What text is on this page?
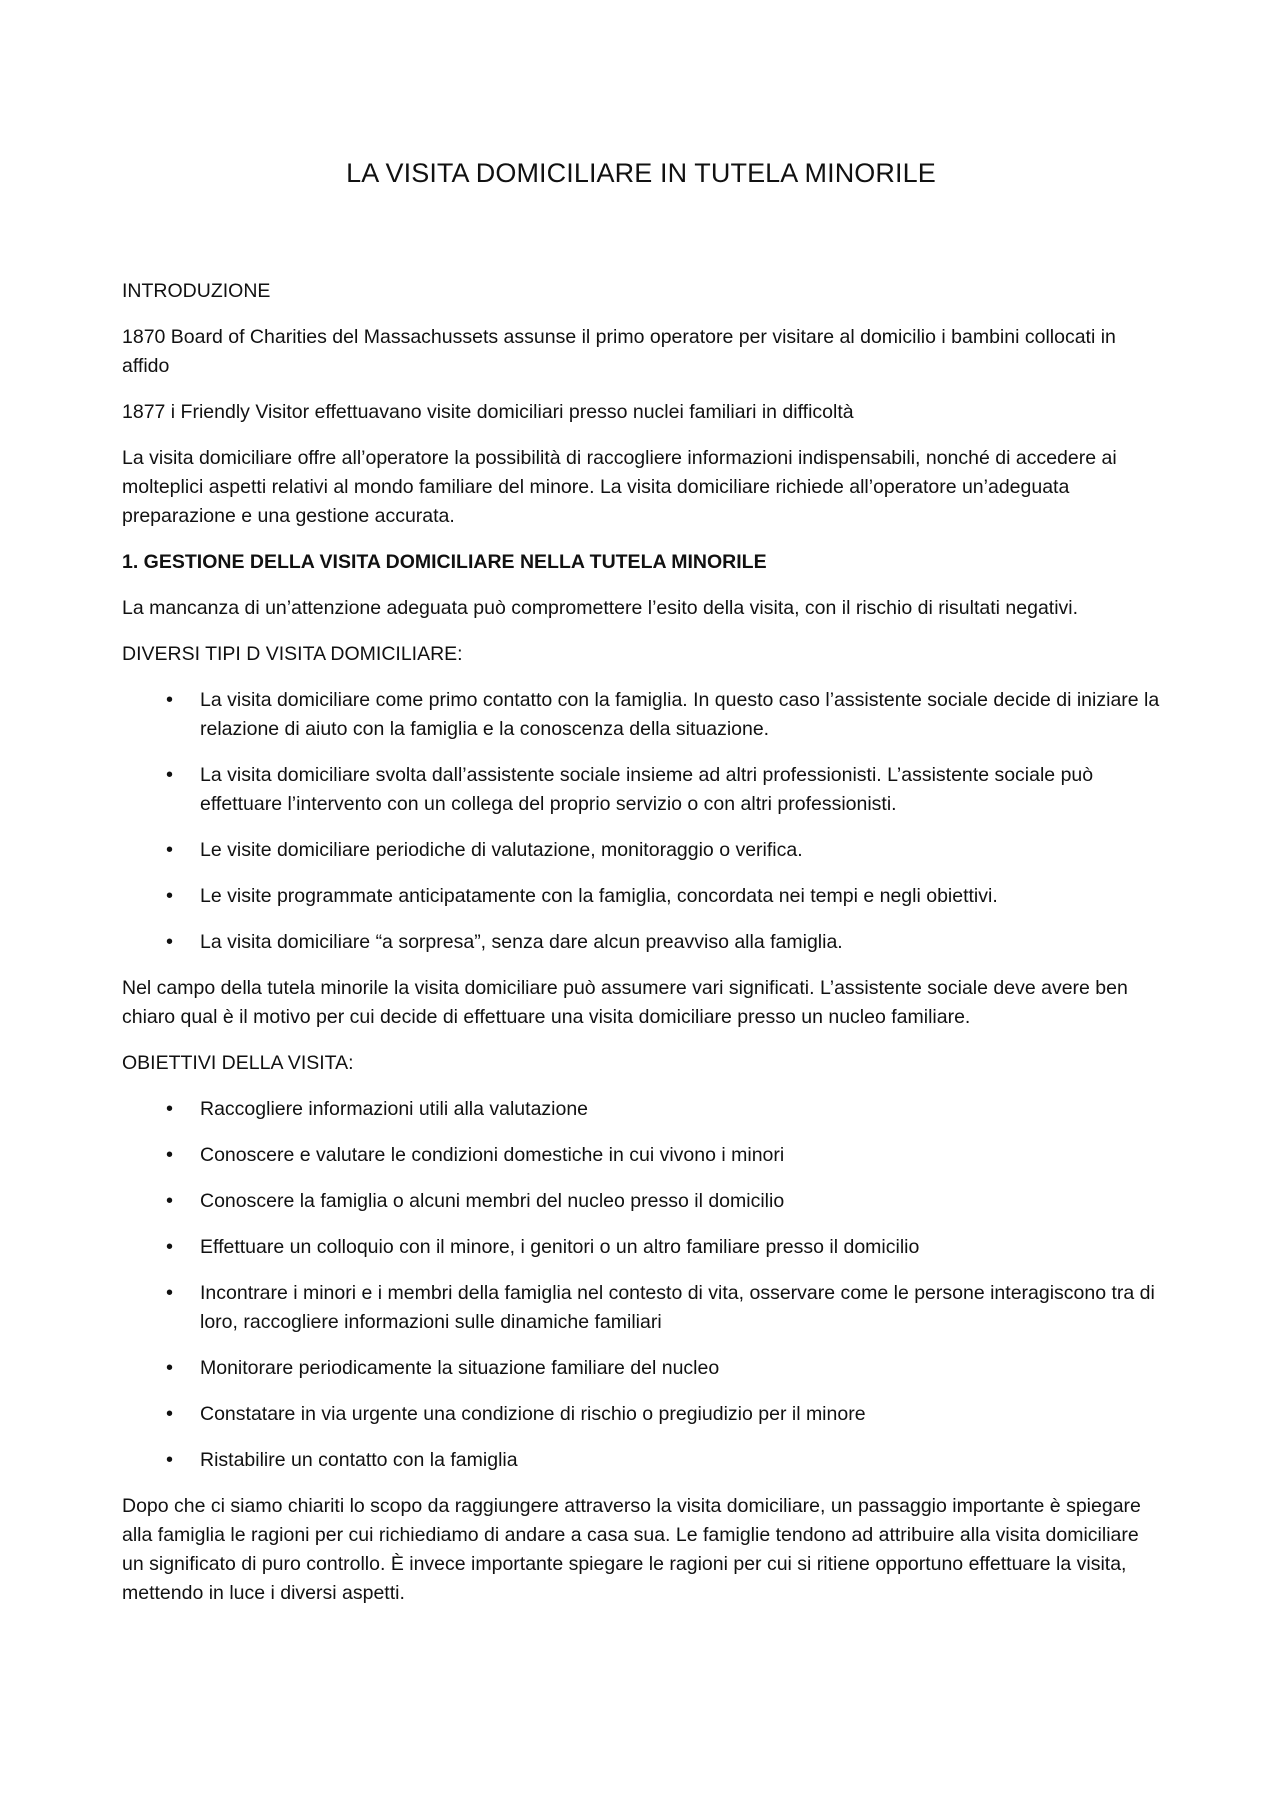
LA VISITA DOMICILIARE IN TUTELA MINORILE

INTRODUZIONE

1870 Board of Charities del Massachussets assunse il primo operatore per visitare al domicilio i bambini collocati in affido

1877 i Friendly Visitor effettuavano visite domiciliari presso nuclei familiari in difficoltà

La visita domiciliare offre all’operatore la possibilità di raccogliere informazioni indispensabili, nonché di accedere ai molteplici aspetti relativi al mondo familiare del minore. La visita domiciliare richiede all’operatore un’adeguata preparazione e una gestione accurata.

1. GESTIONE DELLA VISITA DOMICILIARE NELLA TUTELA MINORILE

La mancanza di un’attenzione adeguata può compromettere l’esito della visita, con il rischio di risultati negativi.

DIVERSI TIPI D VISITA DOMICILIARE:

• La visita domiciliare come primo contatto con la famiglia. In questo caso l’assistente sociale decide di iniziare la relazione di aiuto con la famiglia e la conoscenza della situazione.
• La visita domiciliare svolta dall’assistente sociale insieme ad altri professionisti. L’assistente sociale può effettuare l’intervento con un collega del proprio servizio o con altri professionisti.
• Le visite domiciliare periodiche di valutazione, monitoraggio o verifica.
• Le visite programmate anticipatamente con la famiglia, concordata nei tempi e negli obiettivi.
• La visita domiciliare “a sorpresa”, senza dare alcun preavviso alla famiglia.

Nel campo della tutela minorile la visita domiciliare può assumere vari significati. L’assistente sociale deve avere ben chiaro qual è il motivo per cui decide di effettuare una visita domiciliare presso un nucleo familiare.

OBIETTIVI DELLA VISITA:

• Raccogliere informazioni utili alla valutazione
• Conoscere e valutare le condizioni domestiche in cui vivono i minori
• Conoscere la famiglia o alcuni membri del nucleo presso il domicilio
• Effettuare un colloquio con il minore, i genitori o un altro familiare presso il domicilio
• Incontrare i minori e i membri della famiglia nel contesto di vita, osservare come le persone interagiscono tra di loro, raccogliere informazioni sulle dinamiche familiari
• Monitorare periodicamente la situazione familiare del nucleo
• Constatare in via urgente una condizione di rischio o pregiudizio per il minore
• Ristabilire un contatto con la famiglia

Dopo che ci siamo chiariti lo scopo da raggiungere attraverso la visita domiciliare, un passaggio importante è spiegare alla famiglia le ragioni per cui richiediamo di andare a casa sua. Le famiglie tendono ad attribuire alla visita domiciliare un significato di puro controllo. È invece importante spiegare le ragioni per cui si ritiene opportuno effettuare la visita, mettendo in luce i diversi aspetti.
